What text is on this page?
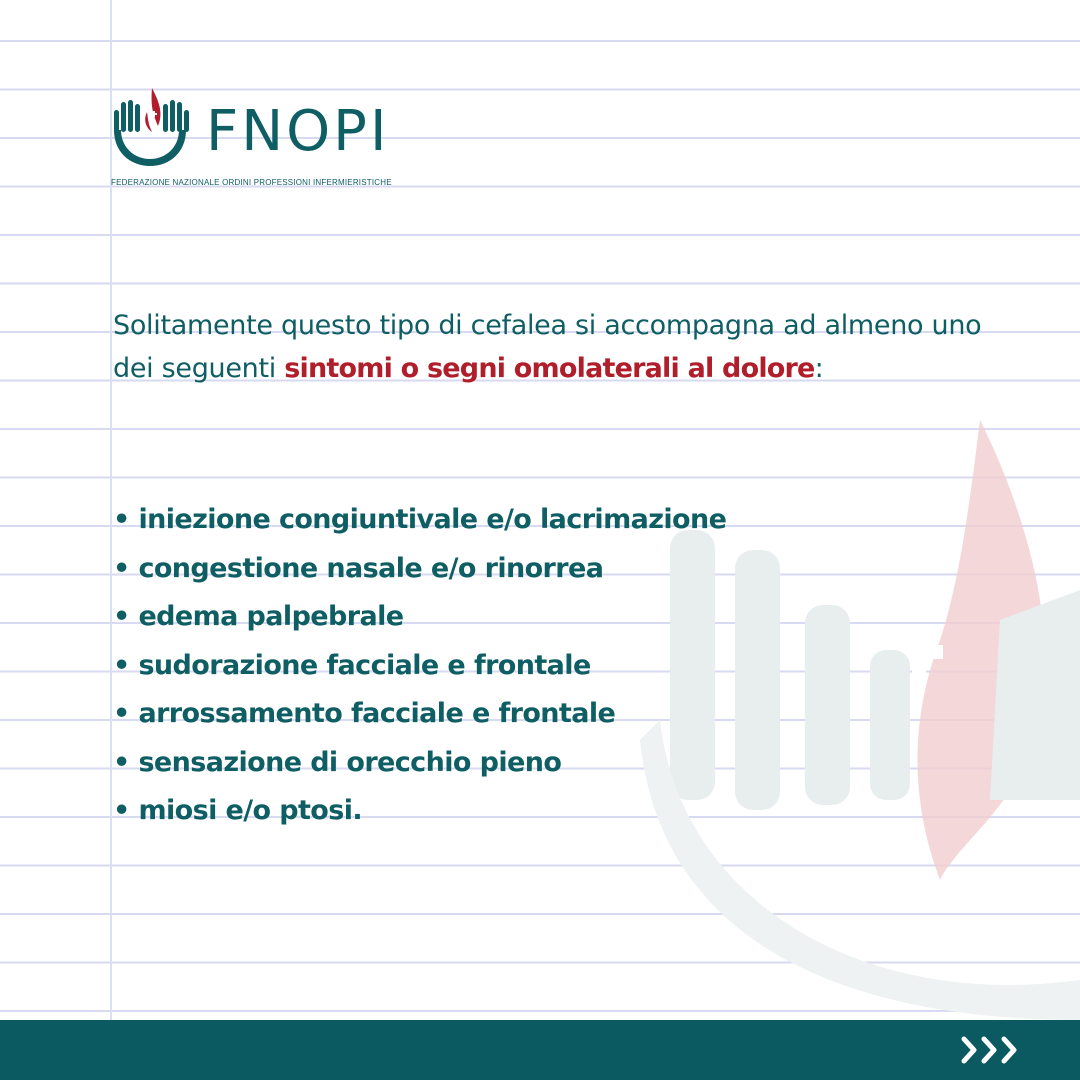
FNOPI
FEDERAZIONE NAZIONALE ORDINI PROFESSIONI INFERMIERISTICHE
Solitamente questo tipo di cefalea si accompagna ad almeno uno dei seguenti sintomi o segni omolaterali al dolore:
• iniezione congiuntivale e/o lacrimazione
• congestione nasale e/o rinorrea
• edema palpebrale
• sudorazione facciale e frontale
• arrossamento facciale e frontale
• sensazione di orecchio pieno
• miosi e/o ptosi.
